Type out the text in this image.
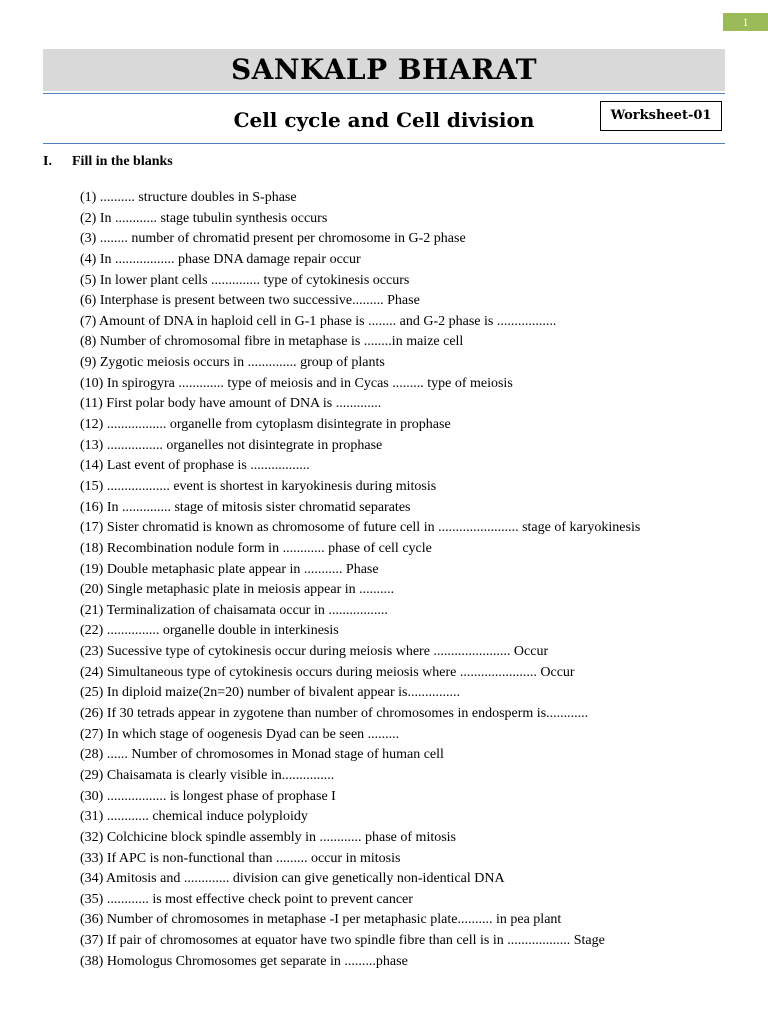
1
SANKALP BHARAT
Cell cycle and Cell division	Worksheet-01
I. Fill in the blanks
(1) .......... structure doubles in S-phase
(2) In ............ stage tubulin synthesis occurs
(3) ........ number of chromatid present per chromosome in G-2 phase
(4) In ................. phase DNA damage repair occur
(5) In lower plant cells .............. type of cytokinesis occurs
(6) Interphase is present between two successive......... Phase
(7) Amount of DNA in haploid cell in G-1 phase is ........ and G-2 phase is .................
(8) Number of chromosomal fibre in metaphase is ........in maize cell
(9) Zygotic meiosis occurs in .............. group of plants
(10) In spirogyra ............. type of meiosis and in Cycas ......... type of meiosis
(11) First polar body have amount of DNA is .............
(12) ................. organelle from cytoplasm disintegrate in prophase
(13) ................ organelles not disintegrate in prophase
(14) Last event of prophase is .................
(15) .................. event is shortest in karyokinesis during mitosis
(16) In .............. stage of mitosis sister chromatid separates
(17) Sister chromatid is known as chromosome of future cell in ....................... stage of karyokinesis
(18) Recombination nodule form in ............ phase of cell cycle
(19) Double metaphasic plate appear in ........... Phase
(20) Single metaphasic plate in meiosis appear in ..........
(21) Terminalization of chaisamata occur in .................
(22) ............... organelle double in interkinesis
(23) Sucessive type of cytokinesis occur during meiosis where ...................... Occur
(24) Simultaneous type of cytokinesis occurs during meiosis where ...................... Occur
(25) In diploid maize(2n=20) number of bivalent appear is...............
(26) If 30 tetrads appear in zygotene than number of chromosomes in endosperm is............
(27) In which stage of oogenesis Dyad can be seen .........
(28) ...... Number of chromosomes in Monad stage of human cell
(29) Chaisamata is clearly visible in...............
(30) ................. is longest phase of prophase I
(31) ............ chemical induce polyploidy
(32) Colchicine block spindle assembly in ............ phase of mitosis
(33) If APC is non-functional than ......... occur in mitosis
(34) Amitosis and ............. division can give genetically non-identical DNA
(35) ............ is most effective check point to prevent cancer
(36) Number of chromosomes in metaphase -I per metaphasic plate.......... in pea plant
(37) If pair of chromosomes at equator have two spindle fibre than cell is in .................. Stage
(38) Homologus Chromosomes get separate in .........phase
